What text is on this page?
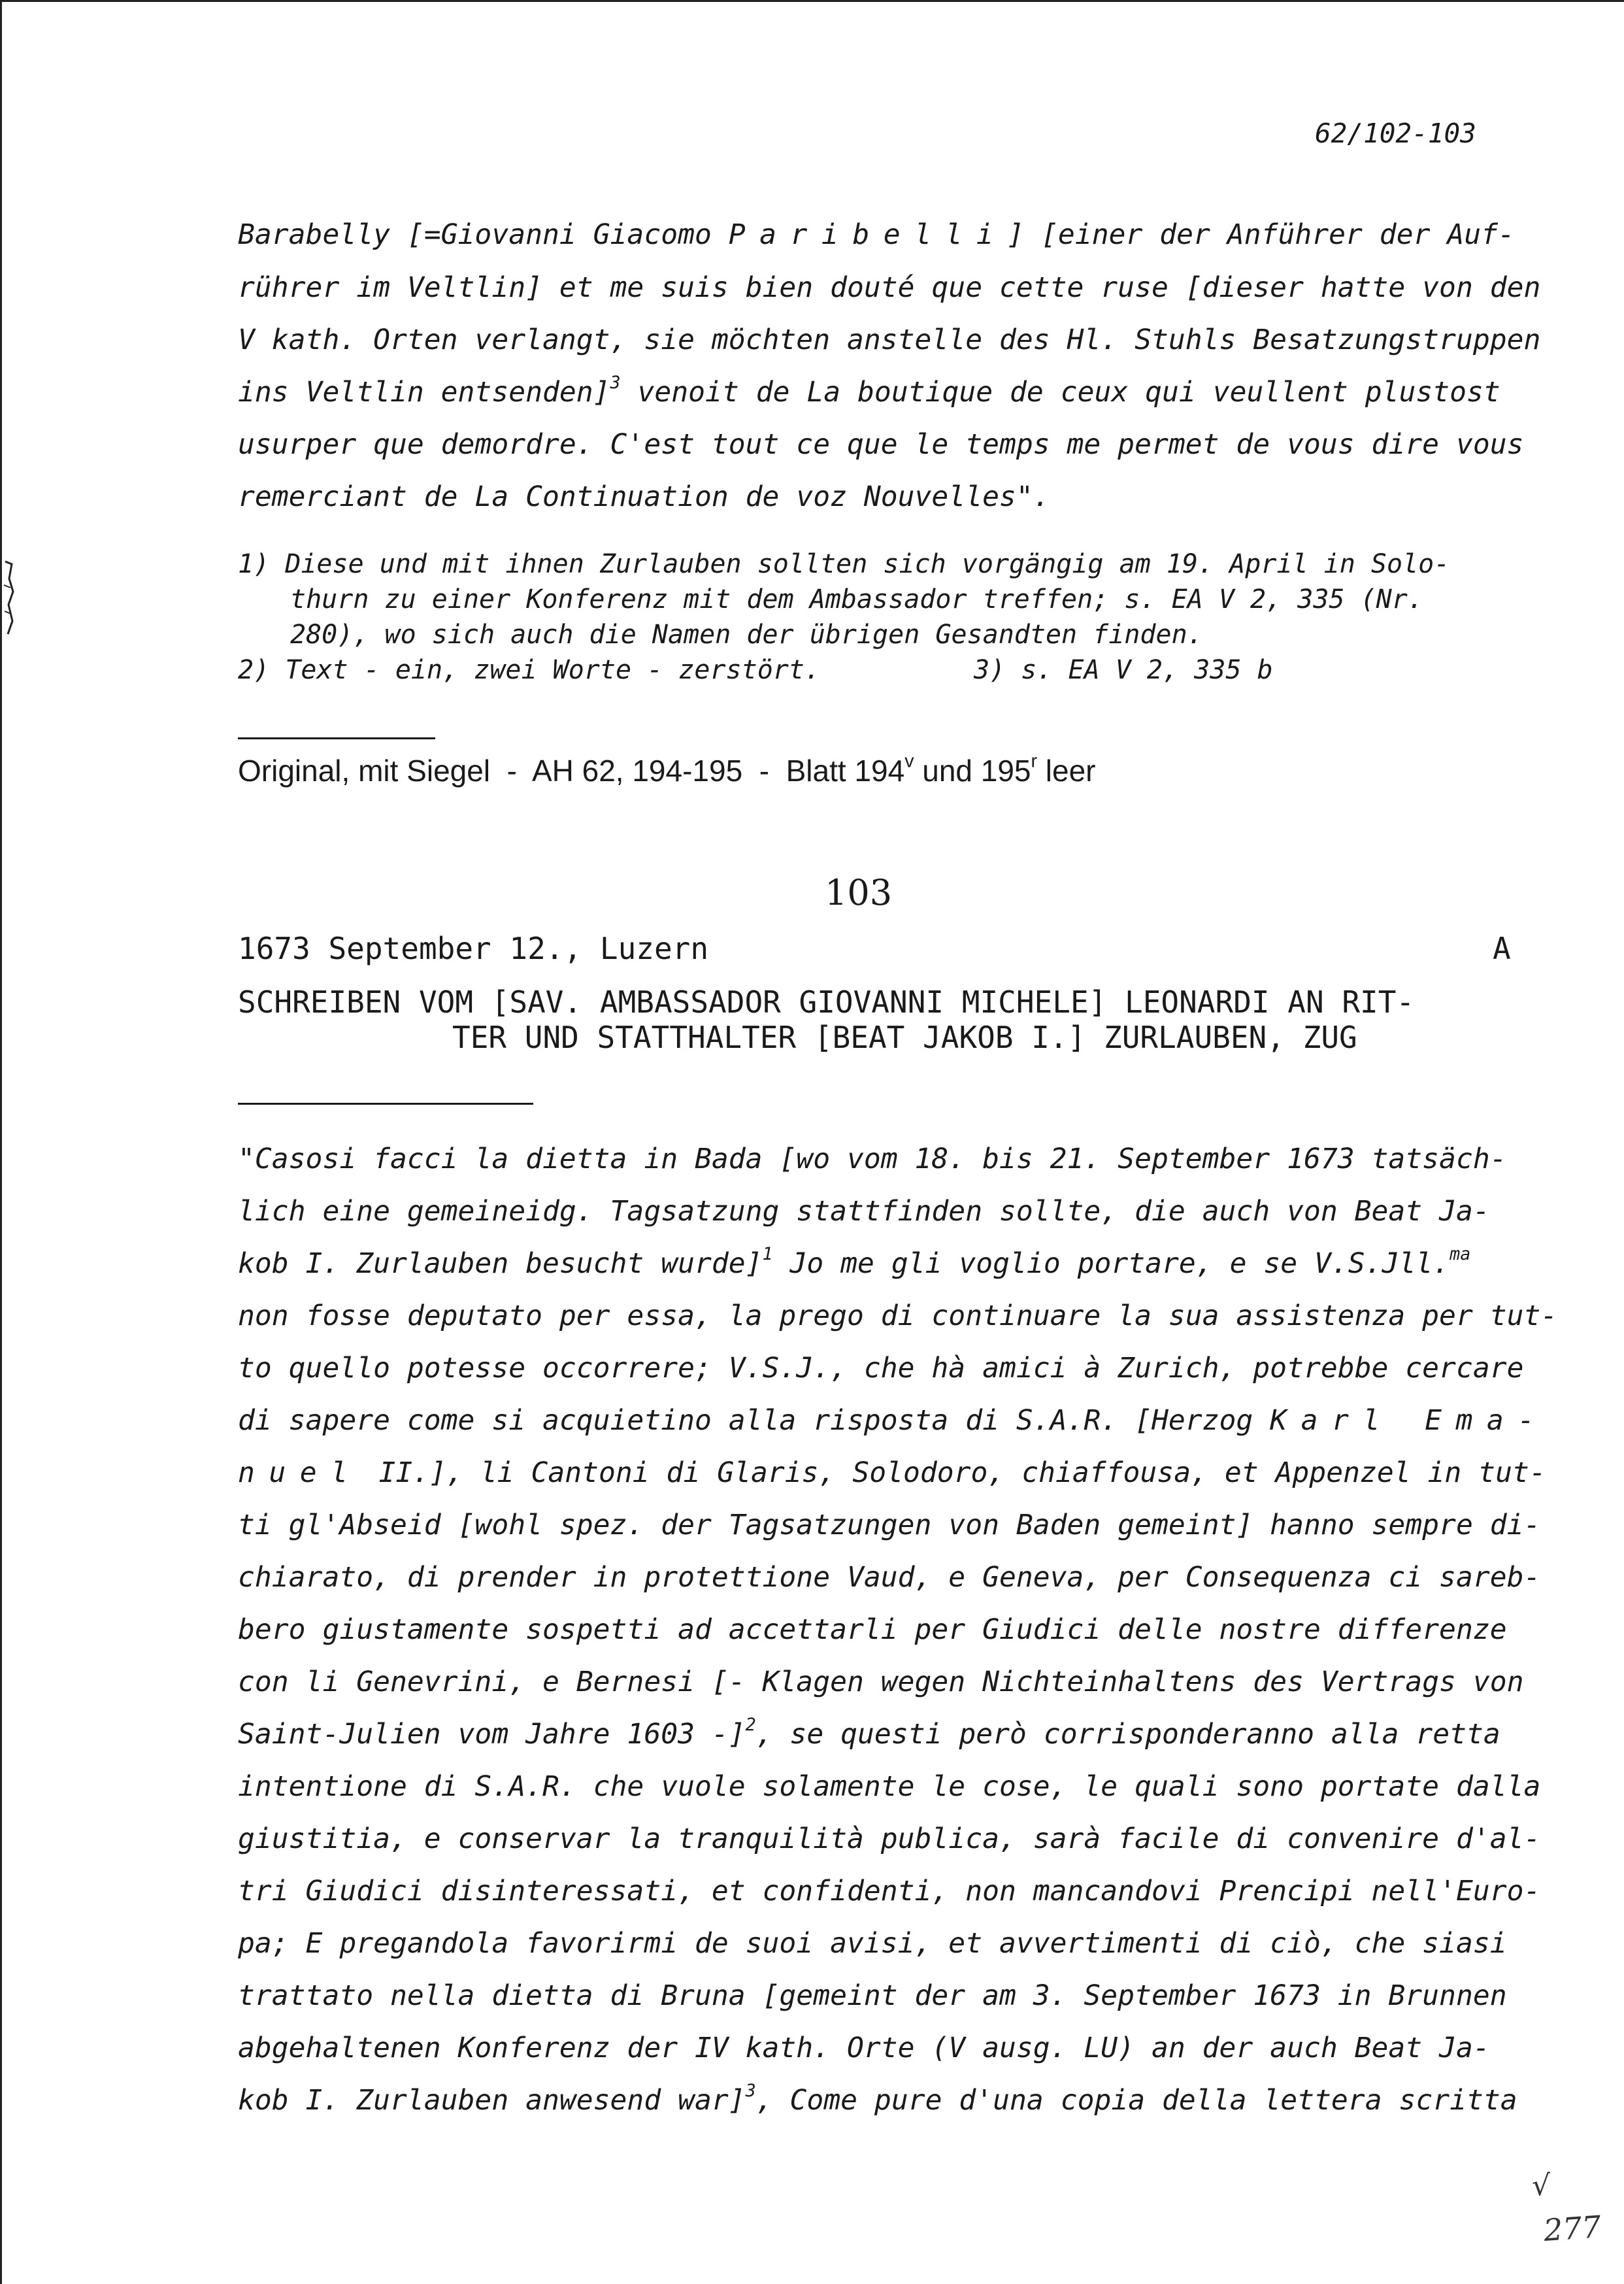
62/102-103
Barabelly [=Giovanni Giacomo Paribelli] [einer der Anführer der Auf-
rührer im Veltlin] et me suis bien douté que cette ruse [dieser hatte von den
V kath. Orten verlangt, sie möchten anstelle des Hl. Stuhls Besatzungstruppen
ins Veltlin entsenden]$^3$ venoit de La boutique de ceux qui veullent plustost
usurper que demordre. C'est tout ce que le temps me permet de vous dire vous
remerciant de La Continuation de voz Nouvelles".
1) Diese und mit ihnen Zurlauben sollten sich vorgängig am 19. April in Solo-
thurn zu einer Konferenz mit dem Ambassador treffen; s. EA V 2, 335 (Nr.
280), wo sich auch die Namen der übrigen Gesandten finden.
2) Text - ein, zwei Worte - zerstört.	3) s. EA V 2, 335 b
Original, mit Siegel  -  AH 62, 194-195  -  Blatt 194$^v$ und 195$^r$ leer
103
1673 September 12., Luzern	A
SCHREIBEN VOM [SAV. AMBASSADOR GIOVANNI MICHELE] LEONARDI AN RIT-
TER UND STATTHALTER [BEAT JAKOB I.] ZURLAUBEN, ZUG
"Casosi facci la dietta in Bada [wo vom 18. bis 21. September 1673 tatsäch-
lich eine gemeineidg. Tagsatzung stattfinden sollte, die auch von Beat Ja-
kob I. Zurlauben besucht wurde]$^1$ Jo me gli voglio portare, e se V.S.Jll.$^{ma}$
non fosse deputato per essa, la prego di continuare la sua assistenza per tut-
to quello potesse occorrere; V.S.J., che hà amici à Zurich, potrebbe cercare
di sapere come si acquietino alla risposta di S.A.R. [Herzog Karl Ema-
nuel II.], li Cantoni di Glaris, Solodoro, chiaffousa, et Appenzel in tut-
ti gl'Abseid [wohl spez. der Tagsatzungen von Baden gemeint] hanno sempre di-
chiarato, di prender in protettione Vaud, e Geneva, per Consequenza ci sareb-
bero giustamente sospetti ad accettarli per Giudici delle nostre differenze
con li Genevrini, e Bernesi [- Klagen wegen Nichteinhaltens des Vertrags von
Saint-Julien vom Jahre 1603 -]$^2$, se questi però corrisponderanno alla retta
intentione di S.A.R. che vuole solamente le cose, le quali sono portate dalla
giustitia, e conservar la tranquilità publica, sarà facile di convenire d'al-
tri Giudici disinteressati, et confidenti, non mancandovi Prencipi nell'Euro-
pa; E pregandola favorirmi de suoi avisi, et avvertimenti di ciò, che siasi
trattato nella dietta di Bruna [gemeint der am 3. September 1673 in Brunnen
abgehaltenen Konferenz der IV kath. Orte (V ausg. LU) an der auch Beat Ja-
kob I. Zurlauben anwesend war]$^3$, Come pure d'una copia della lettera scritta
√
277
